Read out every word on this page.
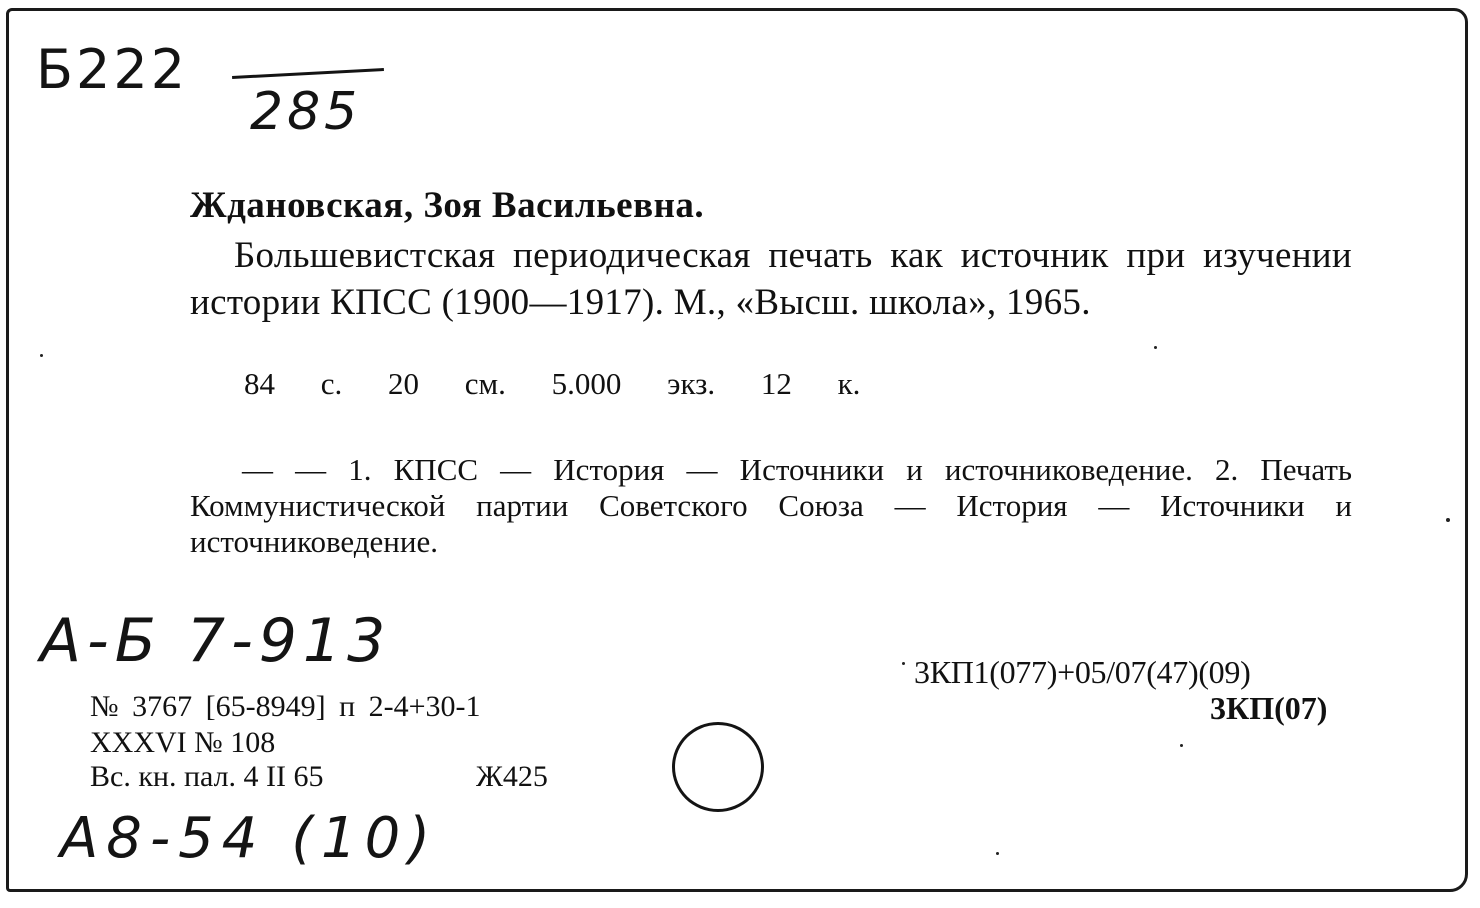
Б222
285
Ждановская, Зоя Васильевна.
Большевистская периодическая печать как источник при изучении истории КПСС (1900—1917). М., «Высш. школа», 1965.
84 с. 20 см. 5.000 экз. 12 к.
— — 1. КПСС — История — Источники и источниковедение. 2. Печать Коммунистической партии Советского Союза — История — Источники и источниковедение.
А-Б 7-913
№ 3767 [65-8949] п 2-4+30-1
XXXVI № 108
Вс. кн. пал. 4 II 65	Ж425
3КП1(077)+05/07(47)(09)
3КП(07)
А8-54 (10)
